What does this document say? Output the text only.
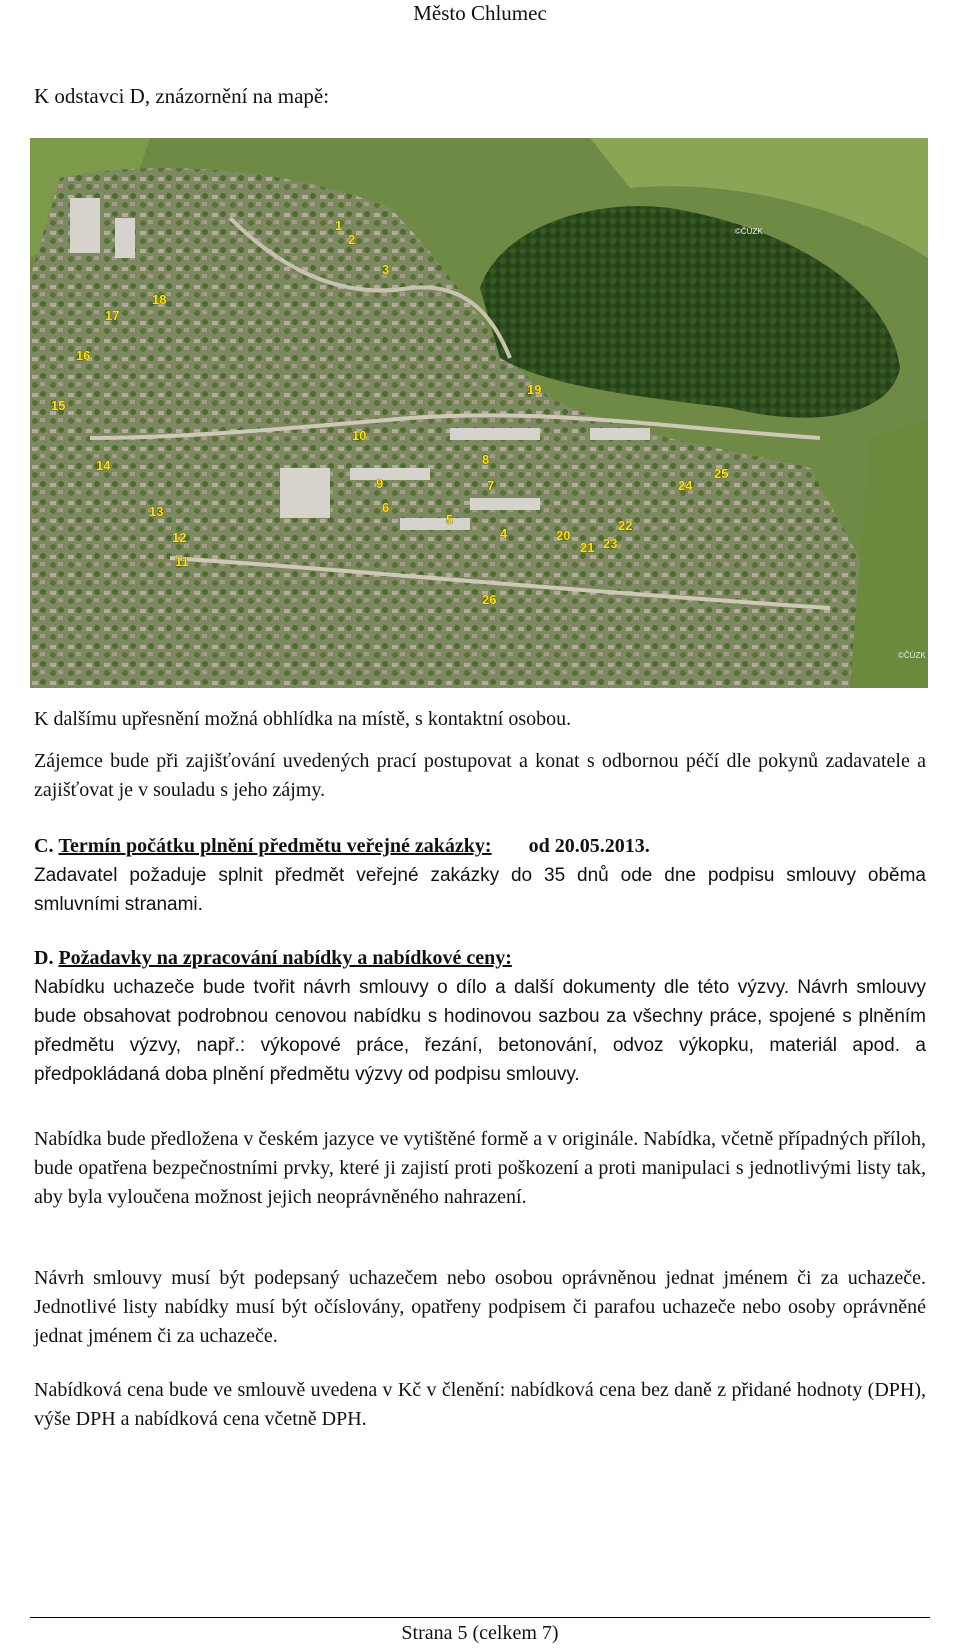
Město Chlumec
K odstavci D, znázornění na mapě:
1
2
3
4
5
6
7
8
9
10
11
12
13
14
15
16
17
18
19
20
21
22
23
24
25
26
©ČÚZK
©ČÚZK
K dalšímu upřesnění možná obhlídka na místě, s kontaktní osobou.
Zájemce bude při zajišťování uvedených prací postupovat a konat s odbornou péčí dle pokynů zadavatele a zajišťovat je v souladu s jeho zájmy.
C. Termín počátku plnění předmětu veřejné zakázky: od 20.05.2013.
Zadavatel požaduje splnit předmět veřejné zakázky do 35 dnů ode dne podpisu smlouvy oběma smluvními stranami.
D. Požadavky na zpracování nabídky a nabídkové ceny:
Nabídku uchazeče bude tvořit návrh smlouvy o dílo a další dokumenty dle této výzvy. Návrh smlouvy bude obsahovat podrobnou cenovou nabídku s hodinovou sazbou za všechny práce, spojené s plněním předmětu výzvy, např.: výkopové práce, řezání, betonování, odvoz výkopku, materiál apod. a předpokládaná doba plnění předmětu výzvy od podpisu smlouvy.
Nabídka bude předložena v českém jazyce ve vytištěné formě a v originále. Nabídka, včetně případných příloh, bude opatřena bezpečnostními prvky, které ji zajistí proti poškození a proti manipulaci s jednotlivými listy tak, aby byla vyloučena možnost jejich neoprávněného nahrazení.
Návrh smlouvy musí být podepsaný uchazečem nebo osobou oprávněnou jednat jménem či za uchazeče. Jednotlivé listy nabídky musí být očíslovány, opatřeny podpisem či parafou uchazeče nebo osoby oprávněné jednat jménem či za uchazeče.
Nabídková cena bude ve smlouvě uvedena v Kč v členění: nabídková cena bez daně z přidané hodnoty (DPH), výše DPH a nabídková cena včetně DPH.
Strana 5 (celkem 7)
